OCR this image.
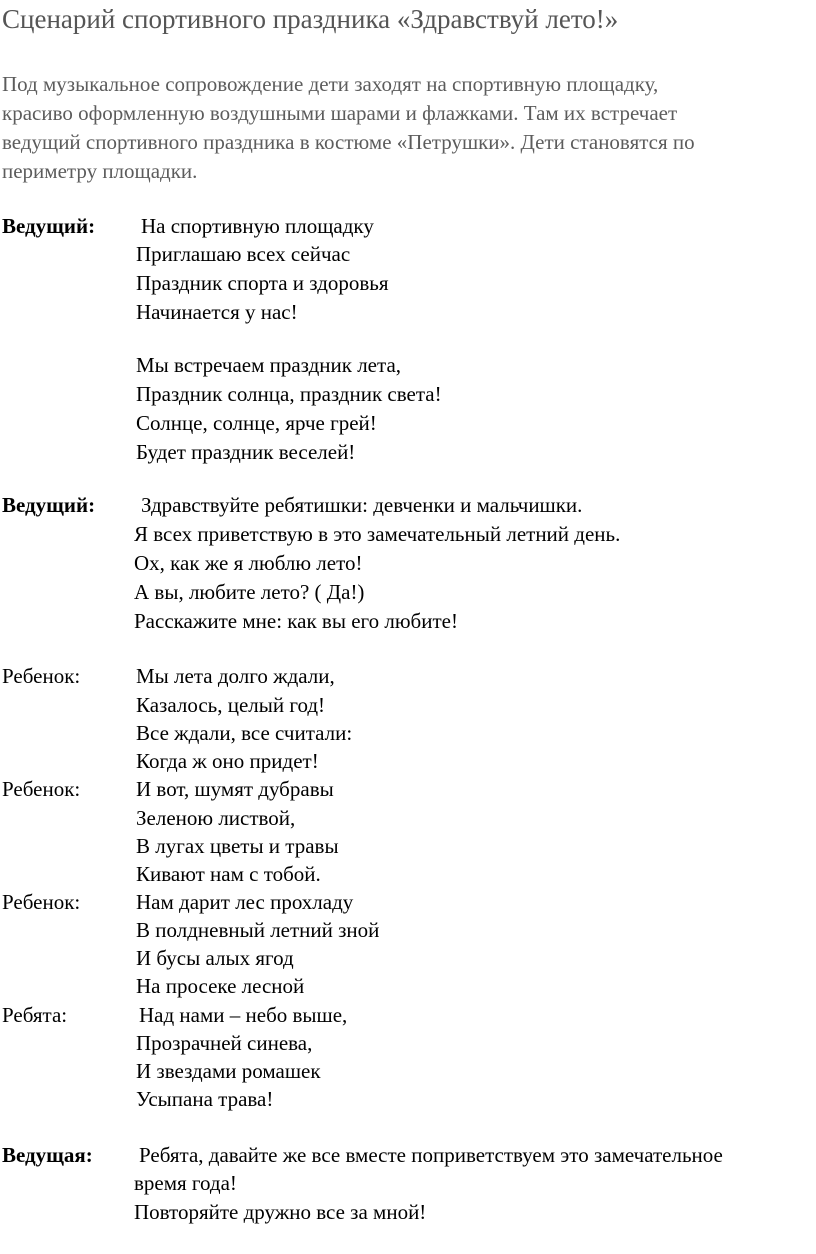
Сценарий спортивного праздника «Здравствуй лето!»
Под музыкальное сопровождение дети заходят на спортивную площадку,
красиво оформленную воздушными шарами и флажками. Там их встречает
ведущий спортивного праздника в костюме «Петрушки». Дети становятся по
периметру площадки.
Ведущий: На спортивную площадку
Приглашаю всех сейчас
Праздник спорта и здоровья
Начинается у нас!
Мы встречаем праздник лета,
Праздник солнца, праздник света!
Солнце, солнце, ярче грей!
Будет праздник веселей!
Ведущий: Здравствуйте ребятишки: девченки и мальчишки.
Я всех приветствую в это замечательный летний день.
Ох, как же я люблю лето!
А вы, любите лето? ( Да!)
Расскажите мне: как вы его любите!
Ребенок:	Мы лета долго ждали,
Казалось, целый год!
Все ждали, все считали:
Когда ж оно придет!
Ребенок:	И вот, шумят дубравы
Зеленою листвой,
В лугах цветы и травы
Кивают нам с тобой.
Ребенок:	Нам дарит лес прохладу
В полдневный летний зной
И бусы алых ягод
На просеке лесной
Ребята:	Над нами – небо выше,
Прозрачней синева,
И звездами ромашек
Усыпана трава!
Ведущая: Ребята, давайте же все вместе поприветствуем это замечательное
время года!
Повторяйте дружно все за мной!
